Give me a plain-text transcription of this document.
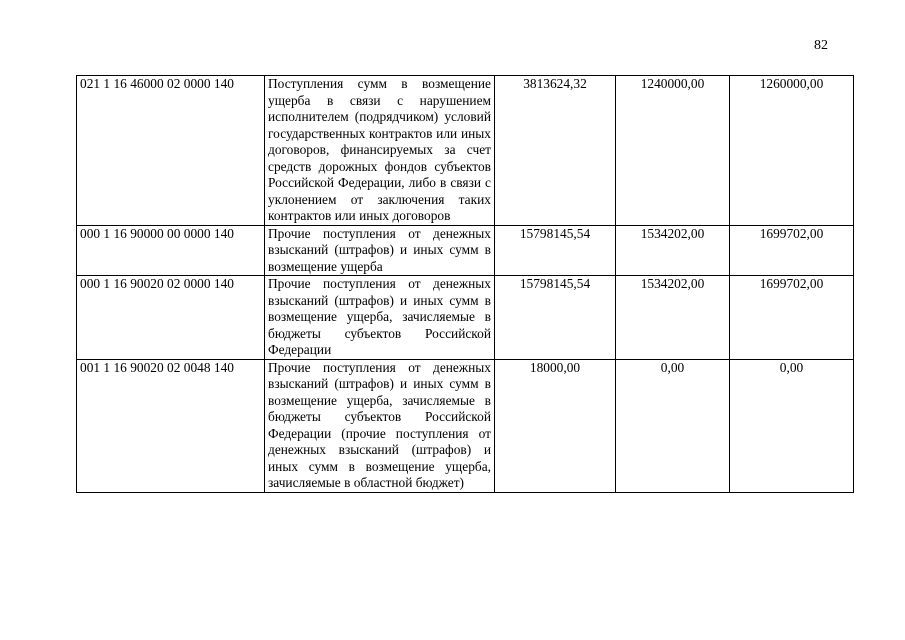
82
021 1 16 46000 02 0000 140	Поступления сумм в возмещение ущерба в связи с нарушением исполнителем (подрядчиком) условий государственных контрактов или иных договоров, финансируемых за счет средств дорожных фондов субъектов Российской Федерации, либо в связи с уклонением от заключения таких контрактов или иных договоров	3813624,32	1240000,00	1260000,00
000 1 16 90000 00 0000 140	Прочие поступления от денежных взысканий (штрафов) и иных сумм в возмещение ущерба	15798145,54	1534202,00	1699702,00
000 1 16 90020 02 0000 140	Прочие поступления от денежных взысканий (штрафов) и иных сумм в возмещение ущерба, зачисляемые в бюджеты субъектов Российской Федерации	15798145,54	1534202,00	1699702,00
001 1 16 90020 02 0048 140	Прочие поступления от денежных взысканий (штрафов) и иных сумм в возмещение ущерба, зачисляемые в бюджеты субъектов Российской Федерации (прочие поступления от денежных взысканий (штрафов) и иных сумм в возмещение ущерба, зачисляемые в областной бюджет)	18000,00	0,00	0,00
